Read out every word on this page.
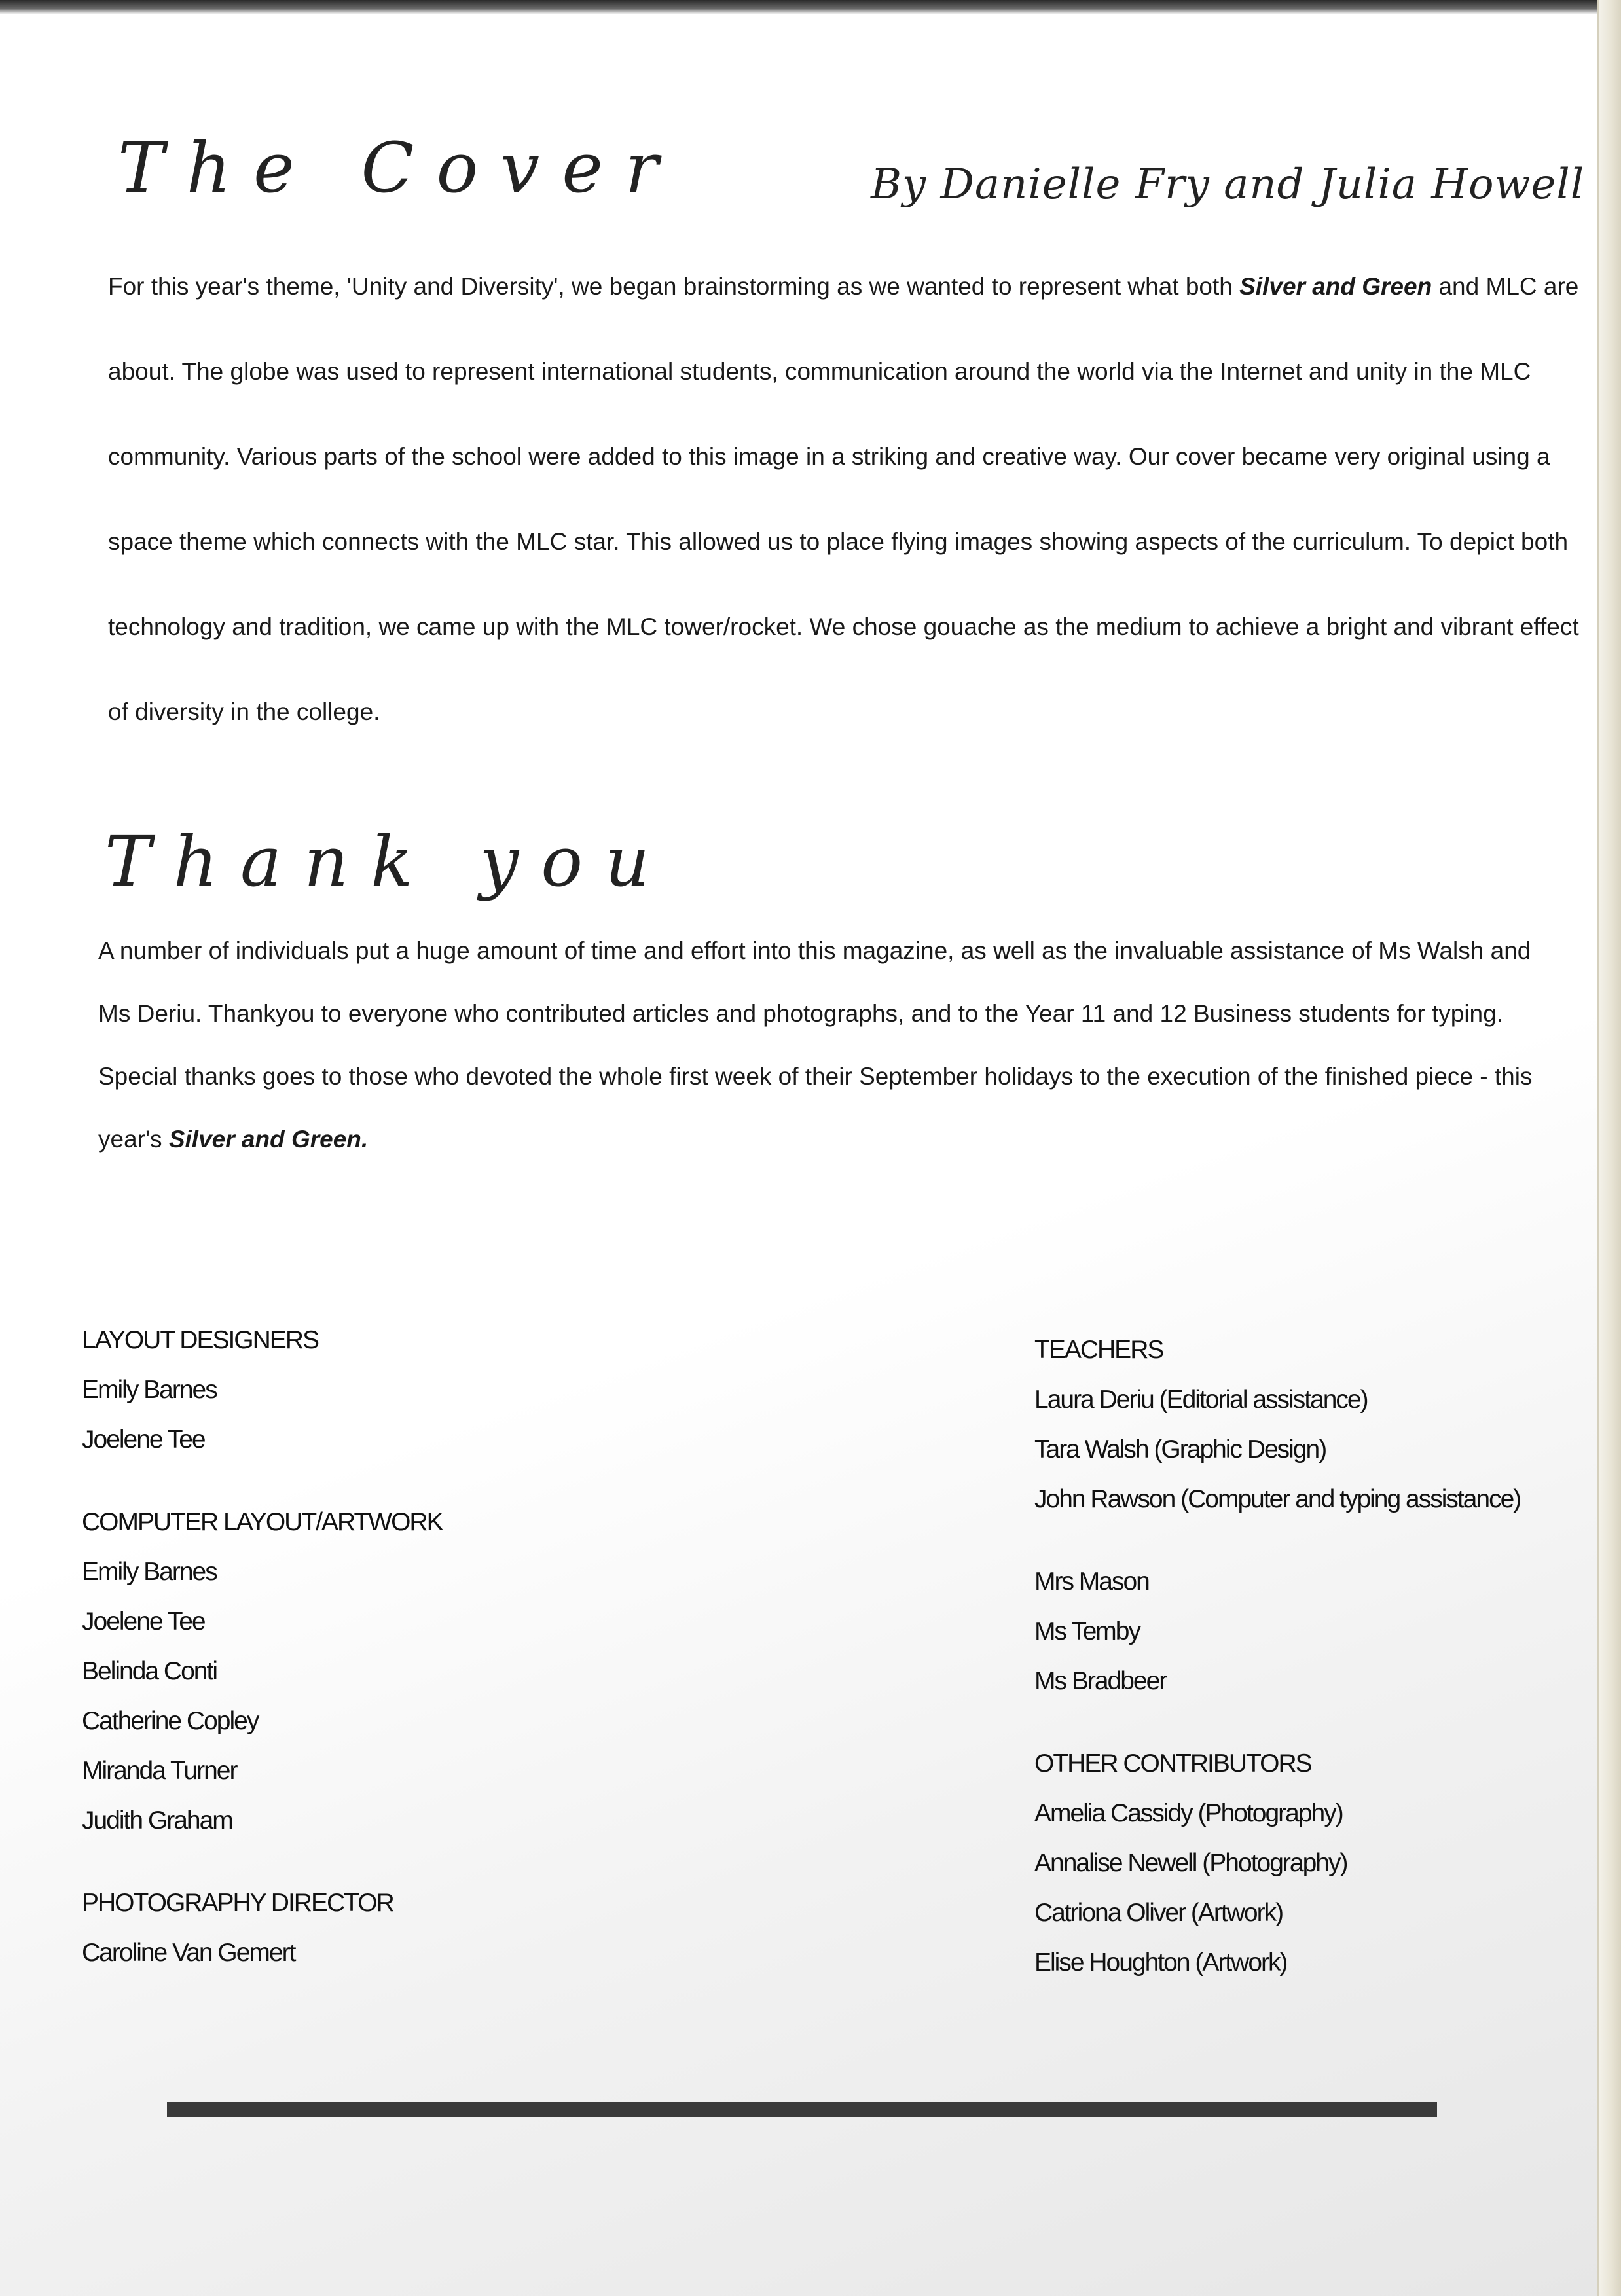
The Cover	By Danielle Fry and Julia Howell

For this year's theme, 'Unity and Diversity', we began brainstorming as we wanted to represent what both Silver and Green and MLC are about. The globe was used to represent international students, communication around the world via the Internet and unity in the MLC community. Various parts of the school were added to this image in a striking and creative way. Our cover became very original using a space theme which connects with the MLC star. This allowed us to place flying images showing aspects of the curriculum. To depict both technology and tradition, we came up with the MLC tower/rocket. We chose gouache as the medium to achieve a bright and vibrant effect of diversity in the college.

Thank you

A number of individuals put a huge amount of time and effort into this magazine, as well as the invaluable assistance of Ms Walsh and Ms Deriu. Thankyou to everyone who contributed articles and photographs, and to the Year 11 and 12 Business students for typing.

Special thanks goes to those who devoted the whole first week of their September holidays to the execution of the finished piece - this year's Silver and Green.

LAYOUT DESIGNERS
Emily Barnes
Joelene Tee
COMPUTER LAYOUT/ARTWORK
Emily Barnes
Joelene Tee
Belinda Conti
Catherine Copley
Miranda Turner
Judith Graham
PHOTOGRAPHY DIRECTOR
Caroline Van Gemert
TEACHERS
Laura Deriu (Editorial assistance)
Tara Walsh (Graphic Design)
John Rawson (Computer and typing assistance)
Mrs Mason
Ms Temby
Ms Bradbeer
OTHER CONTRIBUTORS
Amelia Cassidy (Photography)
Annalise Newell (Photography)
Catriona Oliver (Artwork)
Elise Houghton (Artwork)
